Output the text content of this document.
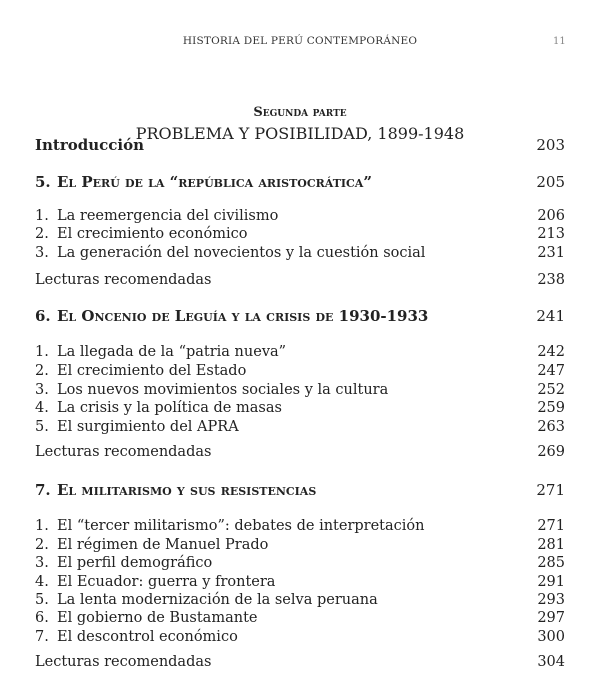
HISTORIA DEL PERÚ CONTEMPORÁNEO	11
Segunda parte
PROBLEMA Y POSIBILIDAD, 1899-1948
Introducción	203
5. El Perú de la “república aristocrática”	205
1. La reemergencia del civilismo	206
2. El crecimiento económico	213
3. La generación del novecientos y la cuestión social	231
Lecturas recomendadas	238
6. El Oncenio de Leguía y la crisis de 1930-1933	241
1. La llegada de la “patria nueva”	242
2. El crecimiento del Estado	247
3. Los nuevos movimientos sociales y la cultura	252
4. La crisis y la política de masas	259
5. El surgimiento del APRA	263
Lecturas recomendadas	269
7. El militarismo y sus resistencias	271
1. El “tercer militarismo”: debates de interpretación	271
2. El régimen de Manuel Prado	281
3. El perfil demográfico	285
4. El Ecuador: guerra y frontera	291
5. La lenta modernización de la selva peruana	293
6. El gobierno de Bustamante	297
7. El descontrol económico	300
Lecturas recomendadas	304
